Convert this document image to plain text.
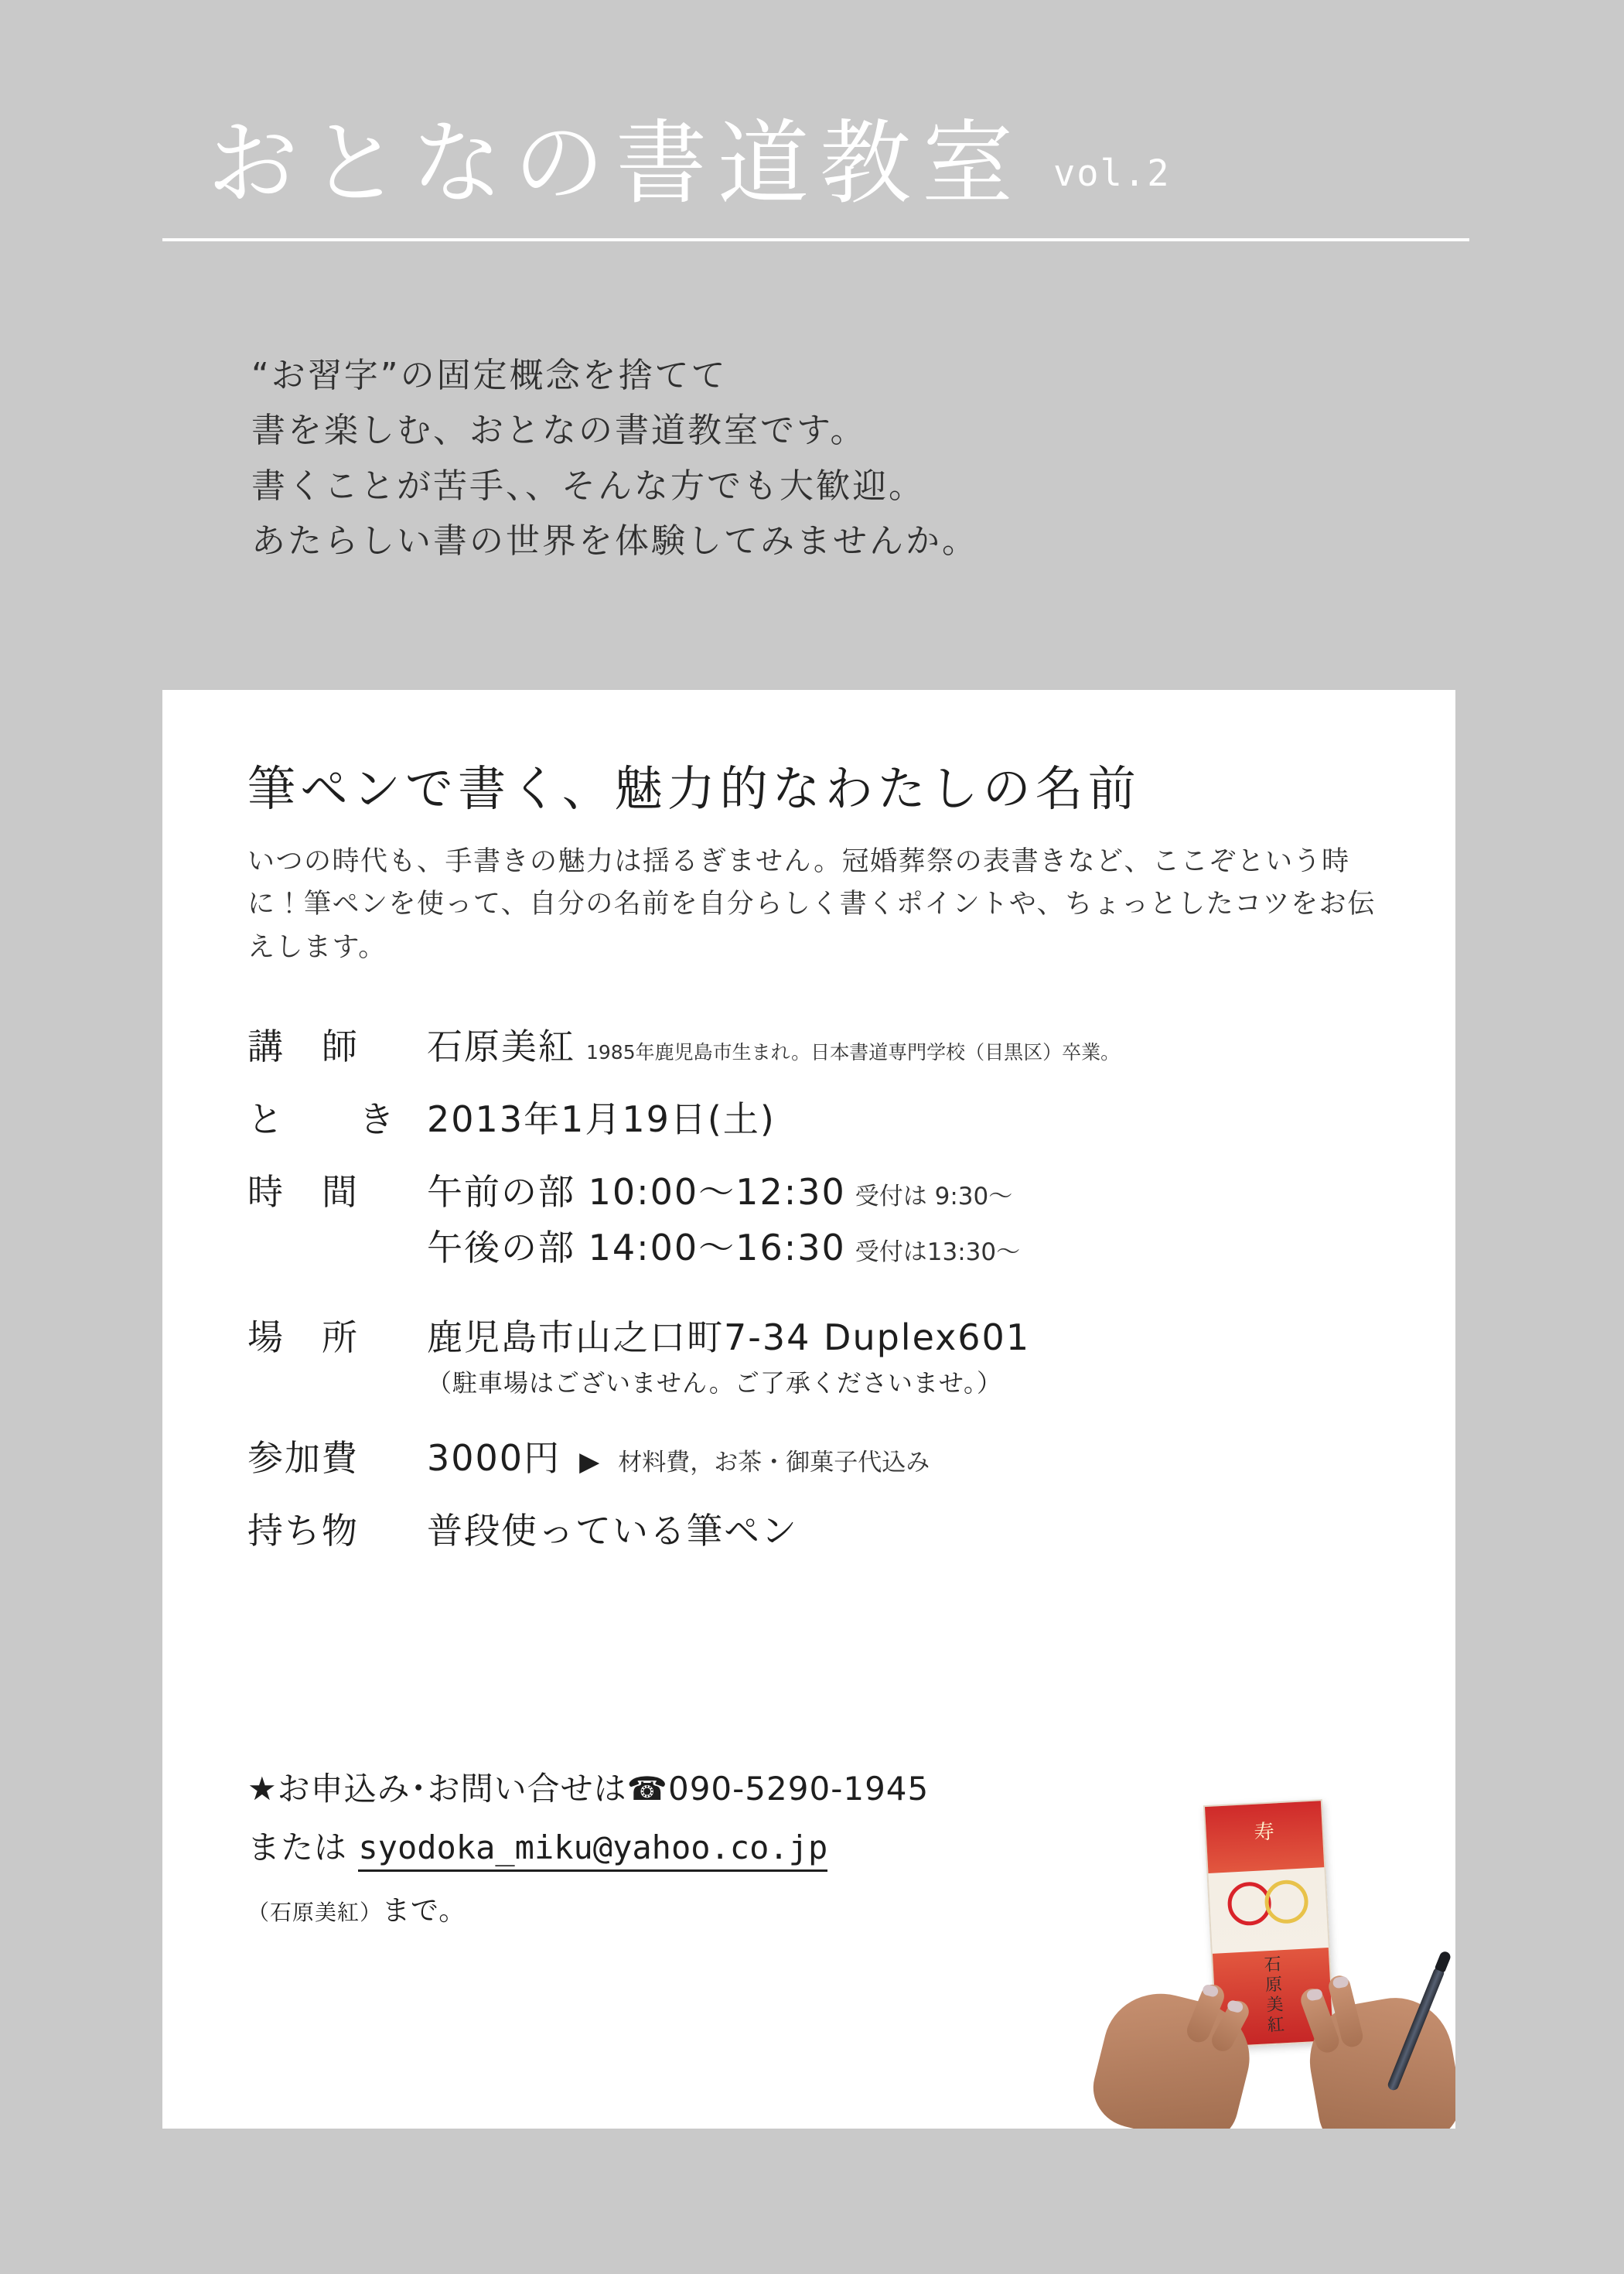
おとなの書道教室 vol.2
“お習字”の固定概念を捨てて
書を楽しむ、おとなの書道教室です。
書くことが苦手、、そんな方でも大歓迎。
あたらしい書の世界を体験してみませんか。
筆ペンで書く、魅力的なわたしの名前
いつの時代も、手書きの魅力は揺るぎません。冠婚葬祭の表書きなど、ここぞという時に！筆ペンを使って、自分の名前を自分らしく書くポイントや、ちょっとしたコツをお伝えします。
講　師	石原美紅 1985年鹿児島市生まれ。日本書道専門学校（目黒区）卒業。
と　　き 2013年1月19日(土)
時　間	午前の部 10:00〜12:30 受付は 9:30〜
午後の部 14:00〜16:30 受付は13:30〜
場　所	鹿児島市山之口町7-34 Duplex601
（駐車場はございません。ご了承くださいませ。）
参加費	3000円 ▶ 材料費，お茶・御菓子代込み
持ち物	普段使っている筆ペン
★お申込み･お問い合せは☎090-5290-1945
または syodoka_miku@yahoo.co.jp
（石原美紅）まで。
寿
石原美紅
